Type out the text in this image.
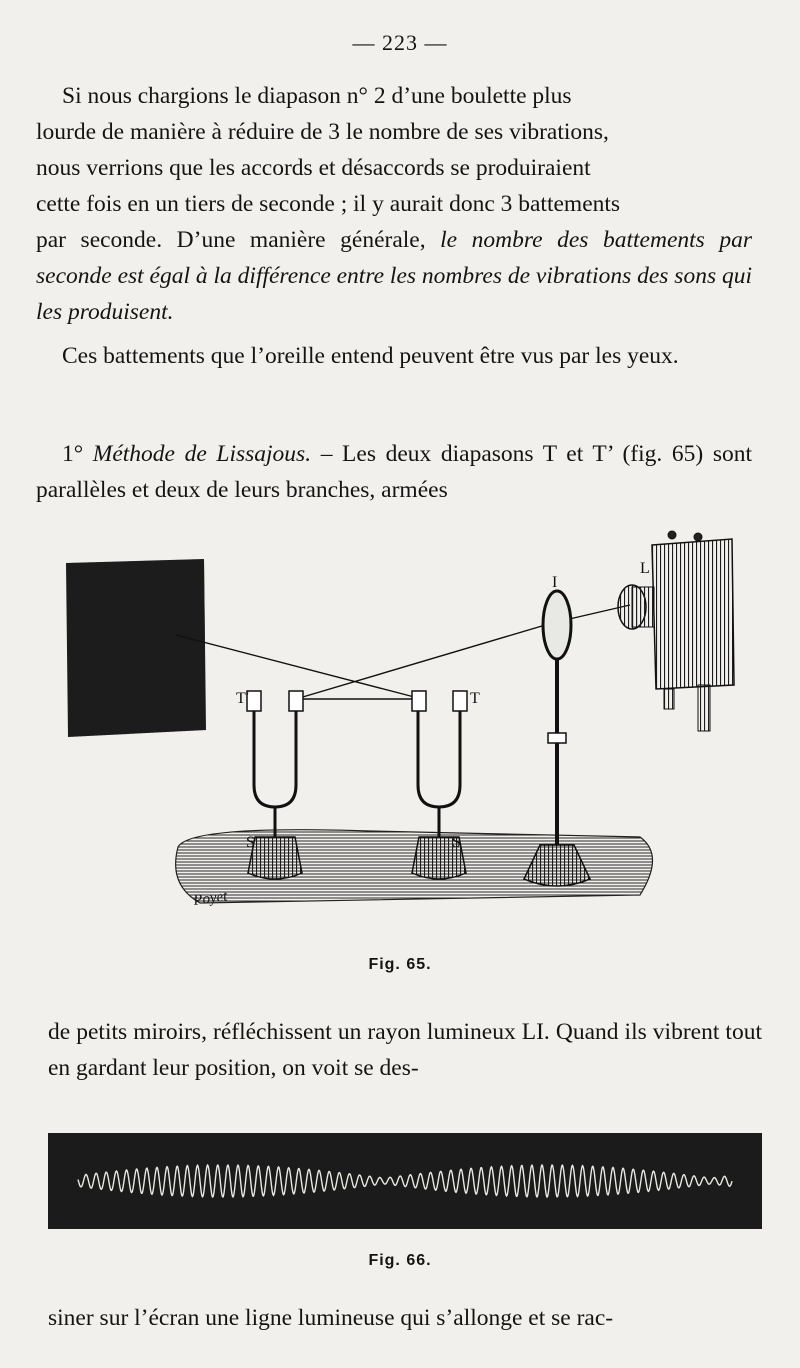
— 223 —
Si nous chargions le diapason n° 2 d’une boulette plus
lourde de manière à réduire de 3 le nombre de ses vibrations,
nous verrions que les accords et désaccords se produiraient
cette fois en un tiers de seconde ; il y aurait donc 3 battements
par seconde. D’une manière générale, le nombre des battements par seconde est égal à la différence entre les nombres de vibrations des sons qui les produisent.
Ces battements que l’oreille entend peuvent être vus par les yeux.
1° Méthode de Lissajous. – Les deux diapasons T et T’ (fig. 65) sont parallèles et deux de leurs branches, armées
T′	T
S′	S
I
L
Poyet
Fig. 65.
de petits miroirs, réfléchissent un rayon lumineux LI. Quand ils vibrent tout en gardant leur position, on voit se des-
Fig. 66.
siner sur l’écran une ligne lumineuse qui s’allonge et se rac-
